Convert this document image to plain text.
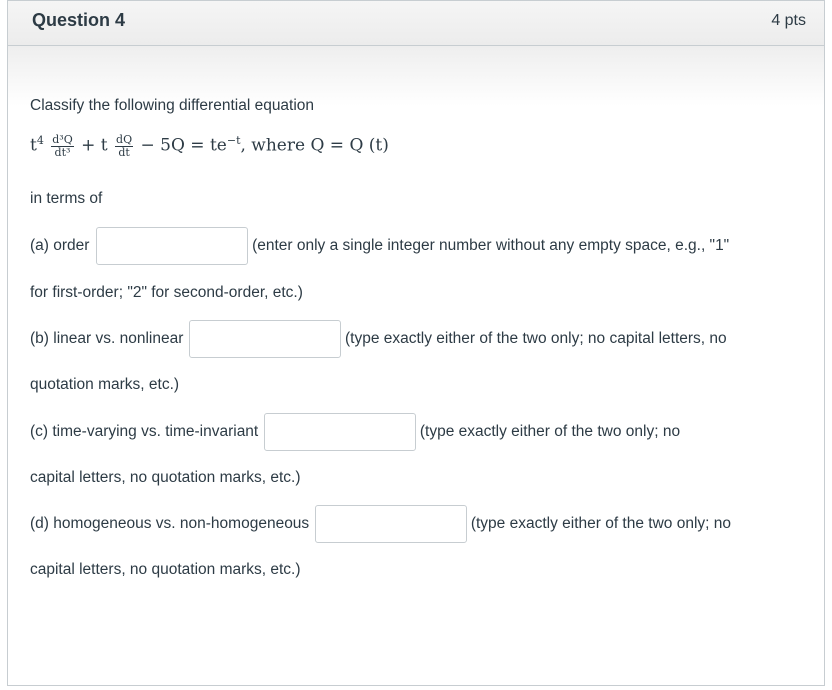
Question 4	4 pts
Classify the following differential equation
$t^4 \frac{\text{d³Q}}{\text{dt³}} + t \frac{dQ}{dt} - 5Q = te^{-t}$, where Q = Q (t)
in terms of
(a) order	(enter only a single integer number without any empty space, e.g., "1"
for first-order; "2" for second-order, etc.)
(b) linear vs. nonlinear	(type exactly either of the two only; no capital letters, no
quotation marks, etc.)
(c) time-varying vs. time-invariant	(type exactly either of the two only; no
capital letters, no quotation marks, etc.)
(d) homogeneous vs. non-homogeneous	(type exactly either of the two only; no
capital letters, no quotation marks, etc.)
